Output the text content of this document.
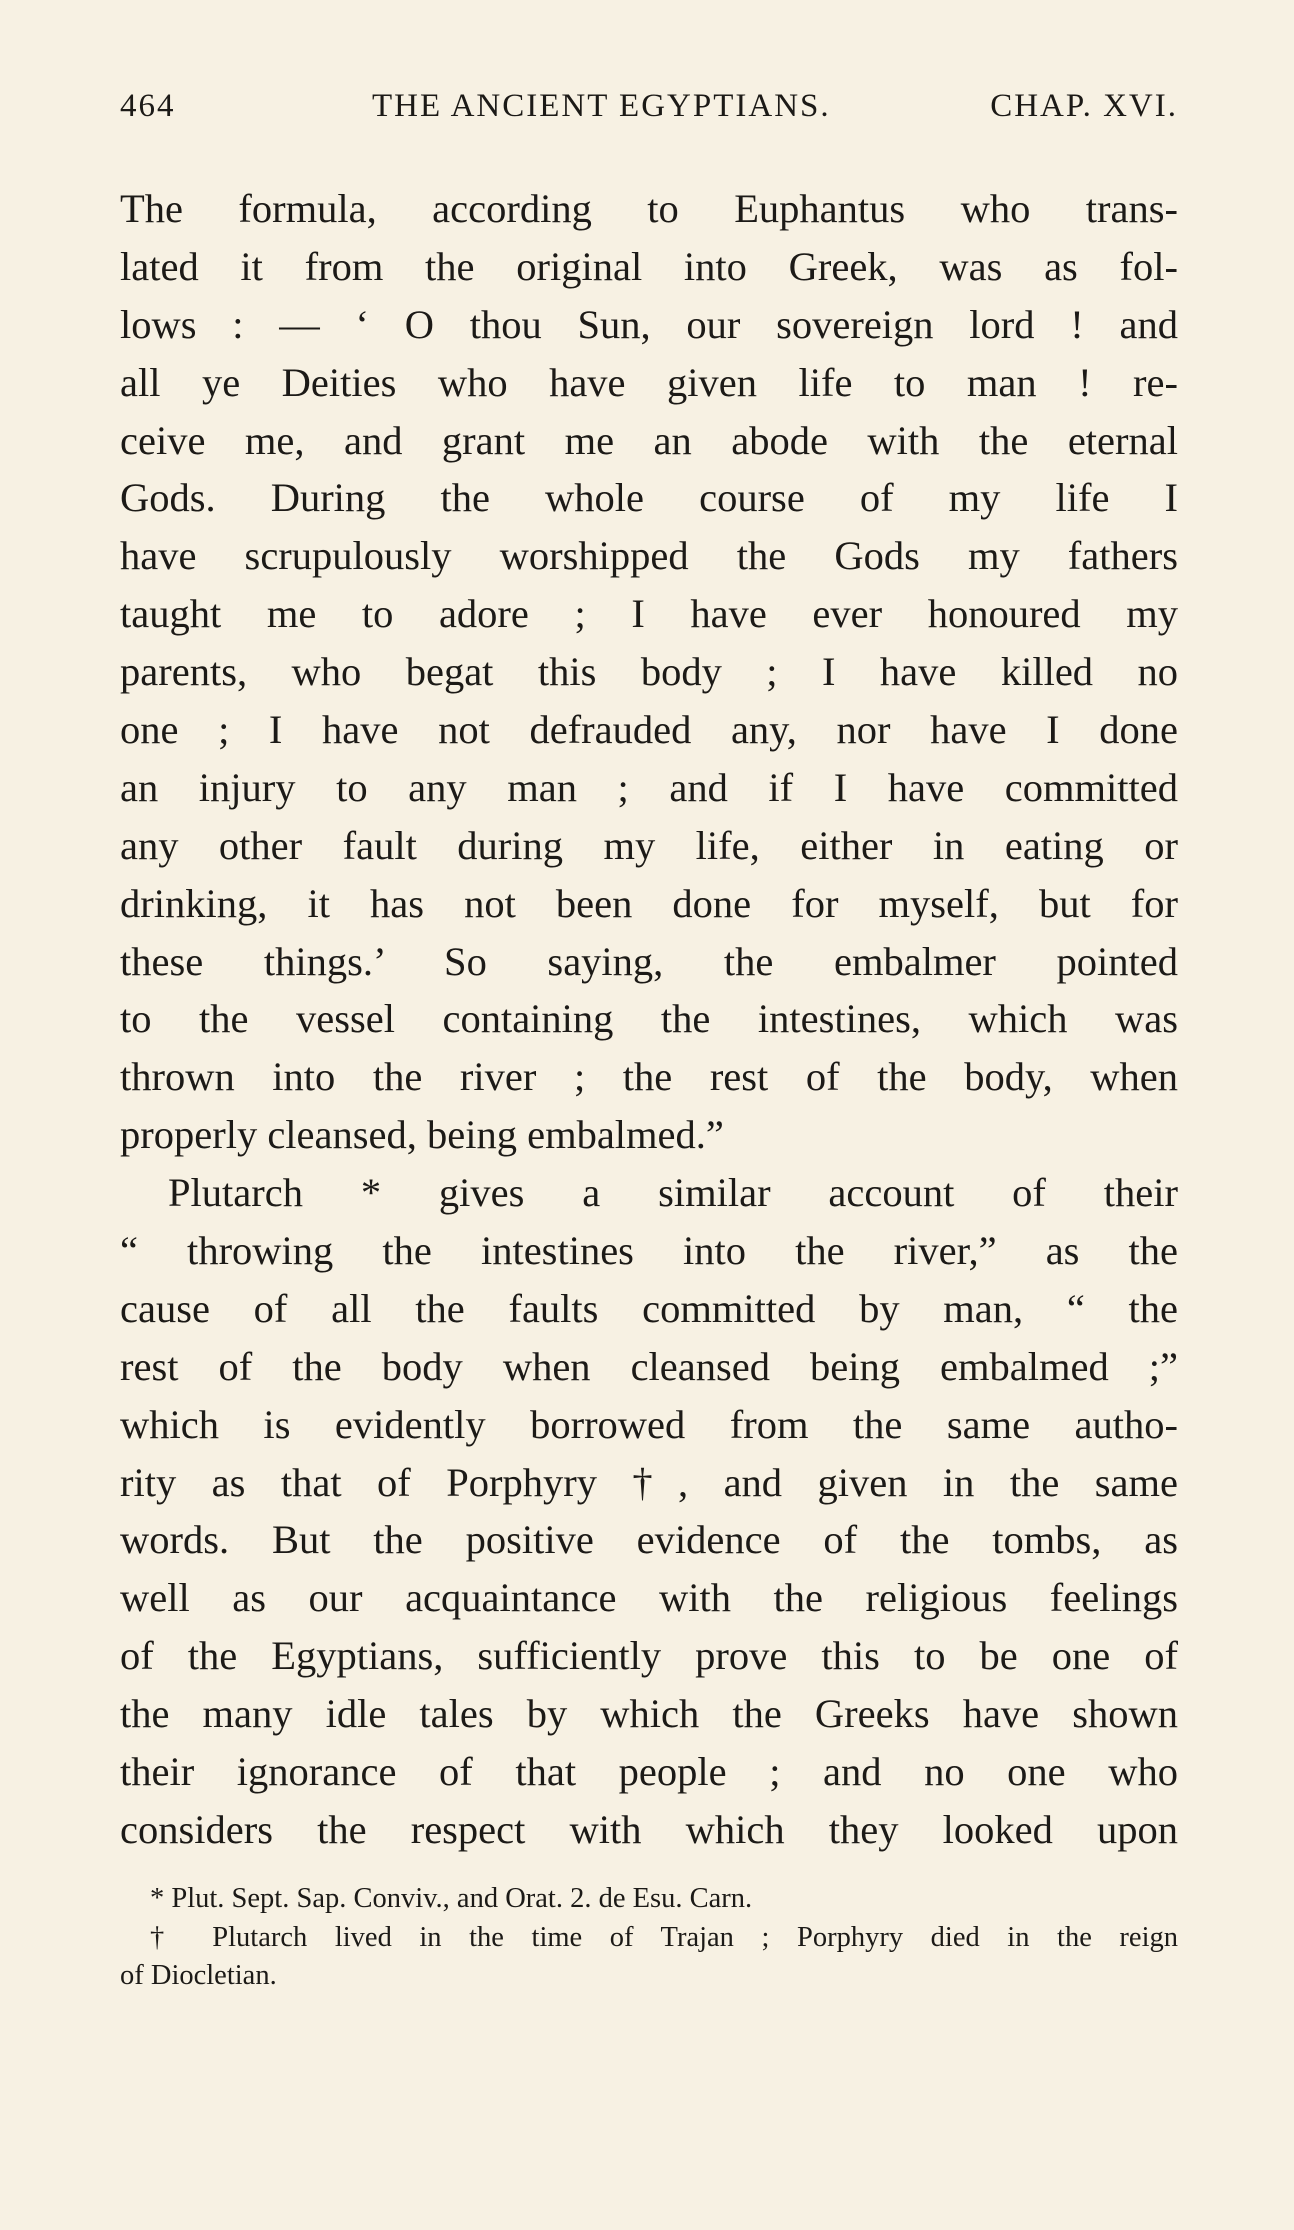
464	THE ANCIENT EGYPTIANS.	CHAP. XVI.
The formula, according to Euphantus who trans-
lated it from the original into Greek, was as fol-
lows : — ‘ O thou Sun, our sovereign lord ! and
all ye Deities who have given life to man ! re-
ceive me, and grant me an abode with the eternal
Gods. During the whole course of my life I
have scrupulously worshipped the Gods my fathers
taught me to adore ; I have ever honoured my
parents, who begat this body ; I have killed no
one ; I have not defrauded any, nor have I done
an injury to any man ; and if I have committed
any other fault during my life, either in eating or
drinking, it has not been done for myself, but for
these things.’ So saying, the embalmer pointed
to the vessel containing the intestines, which was
thrown into the river ; the rest of the body, when
properly cleansed, being embalmed.”
Plutarch * gives a similar account of their
“ throwing the intestines into the river,” as the
cause of all the faults committed by man, “ the
rest of the body when cleansed being embalmed ;”
which is evidently borrowed from the same autho-
rity as that of Porphyry †, and given in the same
words. But the positive evidence of the tombs, as
well as our acquaintance with the religious feelings
of the Egyptians, sufficiently prove this to be one of
the many idle tales by which the Greeks have shown
their ignorance of that people ; and no one who
considers the respect with which they looked upon
* Plut. Sept. Sap. Conviv., and Orat. 2. de Esu. Carn.
† Plutarch lived in the time of Trajan ; Porphyry died in the reign
of Diocletian.
